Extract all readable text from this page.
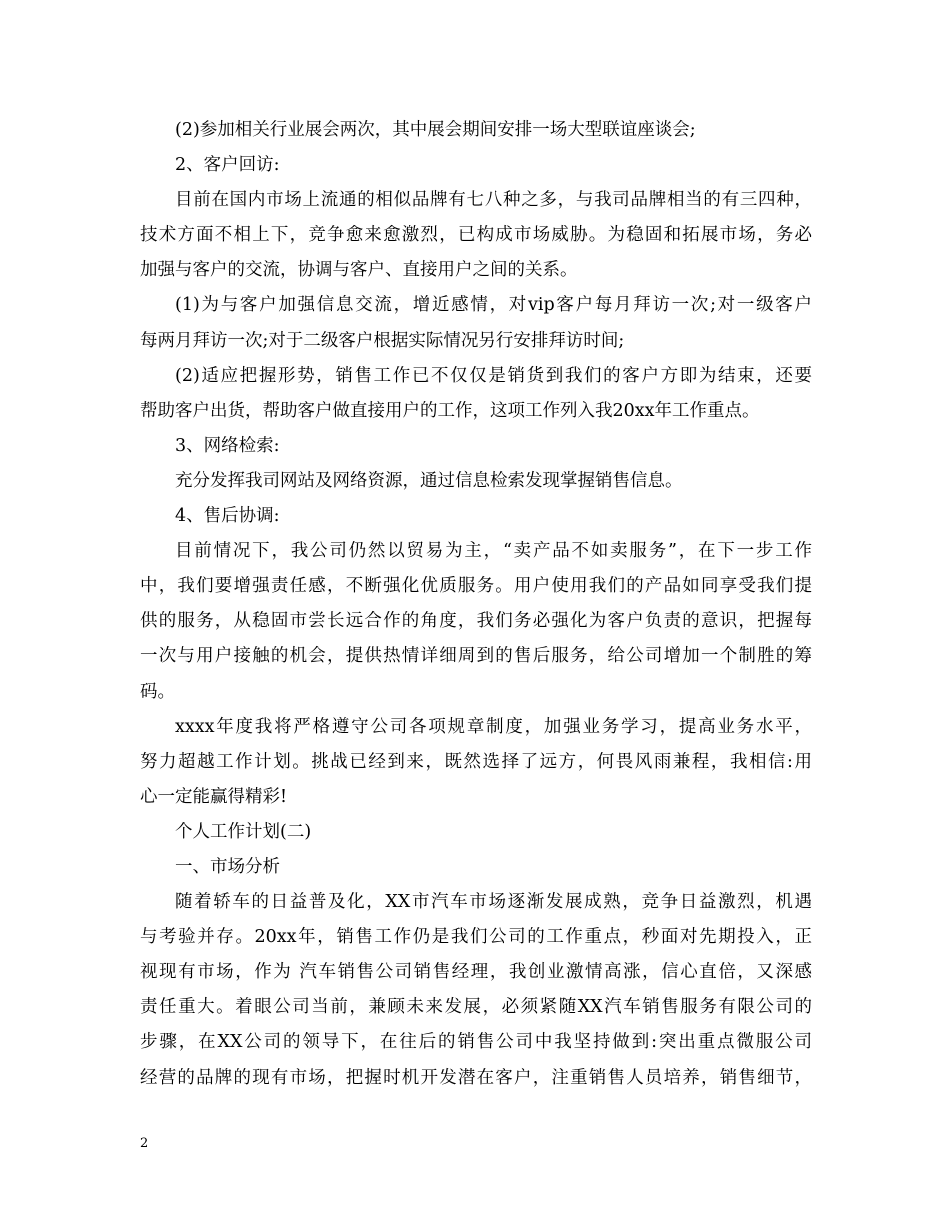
(2)参加相关行业展会两次，其中展会期间安排一场大型联谊座谈会;
2、客户回访:
目前在国内市场上流通的相似品牌有七八种之多，与我司品牌相当的有三四种，
技术方面不相上下，竞争愈来愈激烈，已构成市场威胁。为稳固和拓展市场，务必
加强与客户的交流，协调与客户、直接用户之间的关系。
(1)为与客户加强信息交流，增近感情，对vip客户每月拜访一次;对一级客户
每两月拜访一次;对于二级客户根据实际情况另行安排拜访时间;
(2)适应把握形势，销售工作已不仅仅是销货到我们的客户方即为结束，还要
帮助客户出货，帮助客户做直接用户的工作，这项工作列入我20xx年工作重点。
3、网络检索:
充分发挥我司网站及网络资源，通过信息检索发现掌握销售信息。
4、售后协调:
目前情况下，我公司仍然以贸易为主，“卖产品不如卖服务”，在下一步工作
中，我们要增强责任感，不断强化优质服务。用户使用我们的产品如同享受我们提
供的服务，从稳固市尝长远合作的角度，我们务必强化为客户负责的意识，把握每
一次与用户接触的机会，提供热情详细周到的售后服务，给公司增加一个制胜的筹
码。
xxxx年度我将严格遵守公司各项规章制度，加强业务学习，提高业务水平，
努力超越工作计划。挑战已经到来，既然选择了远方，何畏风雨兼程，我相信:用
心一定能赢得精彩!
个人工作计划(二)
一、市场分析
随着轿车的日益普及化，XX市汽车市场逐渐发展成熟，竞争日益激烈，机遇
与考验并存。20xx年，销售工作仍是我们公司的工作重点，秒面对先期投入，正
视现有市场，作为 汽车销售公司销售经理，我创业激情高涨，信心直倍，又深感
责任重大。着眼公司当前，兼顾未来发展，必须紧随XX汽车销售服务有限公司的
步骤，在XX公司的领导下，在往后的销售公司中我坚持做到:突出重点微服公司
经营的品牌的现有市场，把握时机开发潜在客户，注重销售人员培养，销售细节，
2
